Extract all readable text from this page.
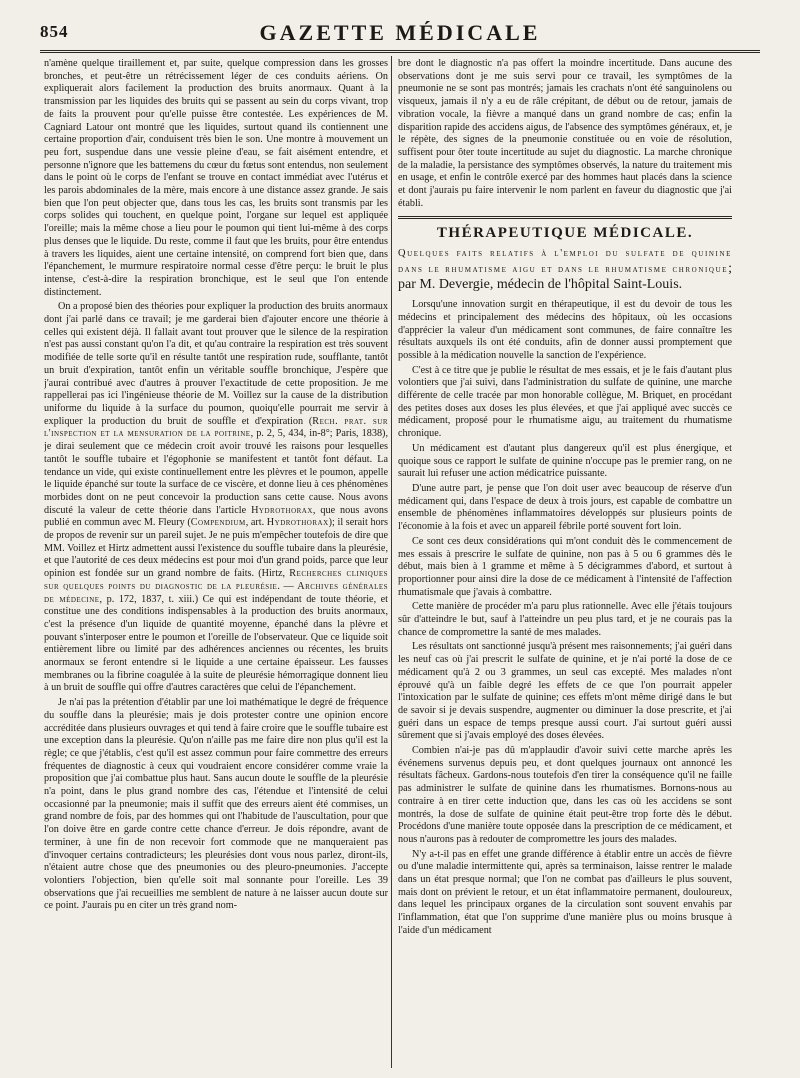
854	GAZETTE MÉDICALE

n'amène quelque tiraillement et, par suite, quelque compression dans les grosses bronches, et peut-être un rétrécissement léger de ces conduits aériens. On expliquerait alors facilement la production des bruits anormaux. Quant à la transmission par les liquides des bruits qui se passent au sein du corps vivant, trop de faits la prouvent pour qu'elle puisse être contestée. Les expériences de M. Cagniard Latour ont montré que les liquides, surtout quand ils contiennent une certaine proportion d'air, conduisent très bien le son. Une montre à mouvement un peu fort, suspendue dans une vessie pleine d'eau, se fait aisément entendre, et personne n'ignore que les battemens du cœur du fœtus sont entendus, non seulement dans le point où le corps de l'enfant se trouve en contact immédiat avec l'utérus et les parois abdominales de la mère, mais encore à une distance assez grande. Je sais bien que l'on peut objecter que, dans tous les cas, les bruits sont transmis par les corps solides qui touchent, en quelque point, l'organe sur lequel est appliquée l'oreille; mais la même chose a lieu pour le poumon qui tient lui-même à des corps plus denses que le liquide. Du reste, comme il faut que les bruits, pour être entendus à travers les liquides, aient une certaine intensité, on comprend fort bien que, dans l'épanchement, le murmure respiratoire normal cesse d'être perçu: le bruit le plus intense, c'est-à-dire la respiration bronchique, est le seul que l'on entende distinctement.

On a proposé bien des théories pour expliquer la production des bruits anormaux dont j'ai parlé dans ce travail; je me garderai bien d'ajouter encore une théorie à celles qui existent déjà. Il fallait avant tout prouver que le silence de la respiration n'est pas aussi constant qu'on l'a dit, et qu'au contraire la respiration est très souvent modifiée de telle sorte qu'il en résulte tantôt une respiration rude, soufflante, tantôt un bruit d'expiration, tantôt enfin un véritable souffle bronchique, J'espère que j'aurai contribué avec d'autres à prouver l'exactitude de cette proposition. Je me rappellerai pas ici l'ingénieuse théorie de M. Voillez sur la cause de la distribution uniforme du liquide à la surface du poumon, quoiqu'elle pourrait me servir à expliquer la production du bruit de souffle et d'expiration (Rech. prat. sur l'inspection et la mensuration de la poitrine, p. 2, 5, 434, in-8°; Paris, 1838), je dirai seulement que ce médecin croit avoir trouvé les raisons pour lesquelles tantôt le souffle tubaire et l'égophonie se manifestent et tantôt font défaut. La tendance un vide, qui existe continuellement entre les plèvres et le poumon, appelle le liquide épanché sur toute la surface de ce viscère, et donne lieu à ces phénomènes morbides dont on ne peut concevoir la production sans cette cause. Nous avons discuté la valeur de cette théorie dans l'article Hydrothorax, que nous avons publié en commun avec M. Fleury (Compendium, art. Hydrothorax); il serait hors de propos de revenir sur un pareil sujet. Je ne puis m'empêcher toutefois de dire que MM. Voillez et Hirtz admettent aussi l'existence du souffle tubaire dans la pleurésie, et que l'autorité de ces deux médecins est pour moi d'un grand poids, parce que leur opinion est fondée sur un grand nombre de faits. (Hirtz, Recherches cliniques sur quelques points du diagnostic de la pleurésie. — Archives générales de médecine, p. 172, 1837, t. xiii.) Ce qui est indépendant de toute théorie, et constitue une des conditions indispensables à la production des bruits anormaux, c'est la présence d'un liquide de quantité moyenne, épanché dans la plèvre et pouvant s'interposer entre le poumon et l'oreille de l'observateur. Que ce liquide soit entièrement libre ou limité par des adhérences anciennes ou récentes, les bruits anormaux se feront entendre si le liquide a une certaine épaisseur. Les fausses membranes ou la fibrine coagulée à la suite de pleurésie hémorragique donnent lieu à un bruit de souffle qui offre d'autres caractères que celui de l'épanchement.

Je n'ai pas la prétention d'établir par une loi mathématique le degré de fréquence du souffle dans la pleurésie; mais je dois protester contre une opinion encore accréditée dans plusieurs ouvrages et qui tend à faire croire que le souffle tubaire est une exception dans la pleurésie. Qu'on n'aille pas me faire dire non plus qu'il est la règle; ce que j'établis, c'est qu'il est assez commun pour faire commettre des erreurs fréquentes de diagnostic à ceux qui voudraient encore considérer comme vraie la proposition que j'ai combattue plus haut. Sans aucun doute le souffle de la pleurésie n'a point, dans le plus grand nombre des cas, l'étendue et l'intensité de celui occasionné par la pneumonie; mais il suffit que des erreurs aient été commises, un grand nombre de fois, par des hommes qui ont l'habitude de l'auscultation, pour que l'on doive être en garde contre cette chance d'erreur. Je dois répondre, avant de terminer, à une fin de non recevoir fort commode que ne manqueraient pas d'invoquer certains contradicteurs; les pleurésies dont vous nous parlez, diront-ils, n'étaient autre chose que des pneumonies ou des pleuro-pneumonies. J'accepte volontiers l'objection, bien qu'elle soit mal sonnante pour l'oreille. Les 39 observations que j'ai recueillies me semblent de nature à ne laisser aucun doute sur ce point. J'aurais pu en citer un très grand nom-

bre dont le diagnostic n'a pas offert la moindre incertitude. Dans aucune des observations dont je me suis servi pour ce travail, les symptômes de la pneumonie ne se sont pas montrés; jamais les crachats n'ont été sanguinolens ou visqueux, jamais il n'y a eu de râle crépitant, de début ou de retour, jamais de vibration vocale, la fièvre a manqué dans un grand nombre de cas; enfin la disparition rapide des accidens aigus, de l'absence des symptômes généraux, et, je le répète, des signes de la pneumonie constituée ou en voie de résolution, suffisent pour ôter toute incertitude au sujet du diagnostic. La marche chronique de la maladie, la persistance des symptômes observés, la nature du traitement mis en usage, et enfin le contrôle exercé par des hommes haut placés dans la science et dont j'aurais pu faire intervenir le nom parlent en faveur du diagnostic que j'ai établi.

THÉRAPEUTIQUE MÉDICALE.

Quelques faits relatifs à l'emploi du sulfate de quinine dans le rhumatisme aigu et dans le rhumatisme chronique; par M. Devergie, médecin de l'hôpital Saint-Louis.

Lorsqu'une innovation surgit en thérapeutique, il est du devoir de tous les médecins et principalement des médecins des hôpitaux, où les occasions d'apprécier la valeur d'un médicament sont communes, de faire connaître les résultats auxquels ils ont été conduits, afin de donner aussi promptement que possible à la médication nouvelle la sanction de l'expérience.

C'est à ce titre que je publie le résultat de mes essais, et je le fais d'autant plus volontiers que j'ai suivi, dans l'administration du sulfate de quinine, une marche différente de celle tracée par mon honorable collègue, M. Briquet, en procédant des petites doses aux doses les plus élevées, et que j'ai appliqué avec succès ce médicament, proposé pour le rhumatisme aigu, au traitement du rhumatisme chronique.

Un médicament est d'autant plus dangereux qu'il est plus énergique, et quoique sous ce rapport le sulfate de quinine n'occupe pas le premier rang, on ne saurait lui refuser une action médicatrice puissante.

D'une autre part, je pense que l'on doit user avec beaucoup de réserve d'un médicament qui, dans l'espace de deux à trois jours, est capable de combattre un ensemble de phénomènes inflammatoires développés sur plusieurs points de l'économie à la fois et avec un appareil fébrile porté souvent fort loin.

Ce sont ces deux considérations qui m'ont conduit dès le commencement de mes essais à prescrire le sulfate de quinine, non pas à 5 ou 6 grammes dès le début, mais bien à 1 gramme et même à 5 décigrammes d'abord, et surtout à proportionner pour ainsi dire la dose de ce médicament à l'intensité de l'affection rhumatismale que j'avais à combattre.

Cette manière de procéder m'a paru plus rationnelle. Avec elle j'étais toujours sûr d'atteindre le but, sauf à l'atteindre un peu plus tard, et je ne courais pas la chance de compromettre la santé de mes malades.

Les résultats ont sanctionné jusqu'à présent mes raisonnements; j'ai guéri dans les neuf cas où j'ai prescrit le sulfate de quinine, et je n'ai porté la dose de ce médicament qu'à 2 ou 3 grammes, un seul cas excepté. Mes malades n'ont éprouvé qu'à un faible degré les effets de ce que l'on pourrait appeler l'intoxication par le sulfate de quinine; ces effets m'ont même dirigé dans le but de savoir si je devais suspendre, augmenter ou diminuer la dose prescrite, et j'ai guéri dans un espace de temps presque aussi court. J'ai surtout guéri aussi sûrement que si j'avais employé des doses élevées.

Combien n'ai-je pas dû m'applaudir d'avoir suivi cette marche après les événemens survenus depuis peu, et dont quelques journaux ont annoncé les résultats fâcheux. Gardons-nous toutefois d'en tirer la conséquence qu'il ne faille pas administrer le sulfate de quinine dans les rhumatismes. Bornons-nous au contraire à en tirer cette induction que, dans les cas où les accidens se sont montrés, la dose de sulfate de quinine était peut-être trop forte dès le début. Procédons d'une manière toute opposée dans la prescription de ce médicament, et nous n'aurons pas à redouter de compromettre les jours des malades.

N'y a-t-il pas en effet une grande différence à établir entre un accès de fièvre ou d'une maladie intermittente qui, après sa terminaison, laisse rentrer le malade dans un état presque normal; que l'on ne combat pas d'ailleurs le plus souvent, mais dont on prévient le retour, et un état inflammatoire permanent, douloureux, dans lequel les principaux organes de la circulation sont souvent envahis par l'inflammation, état que l'on supprime d'une manière plus ou moins brusque à l'aide d'un médicament
